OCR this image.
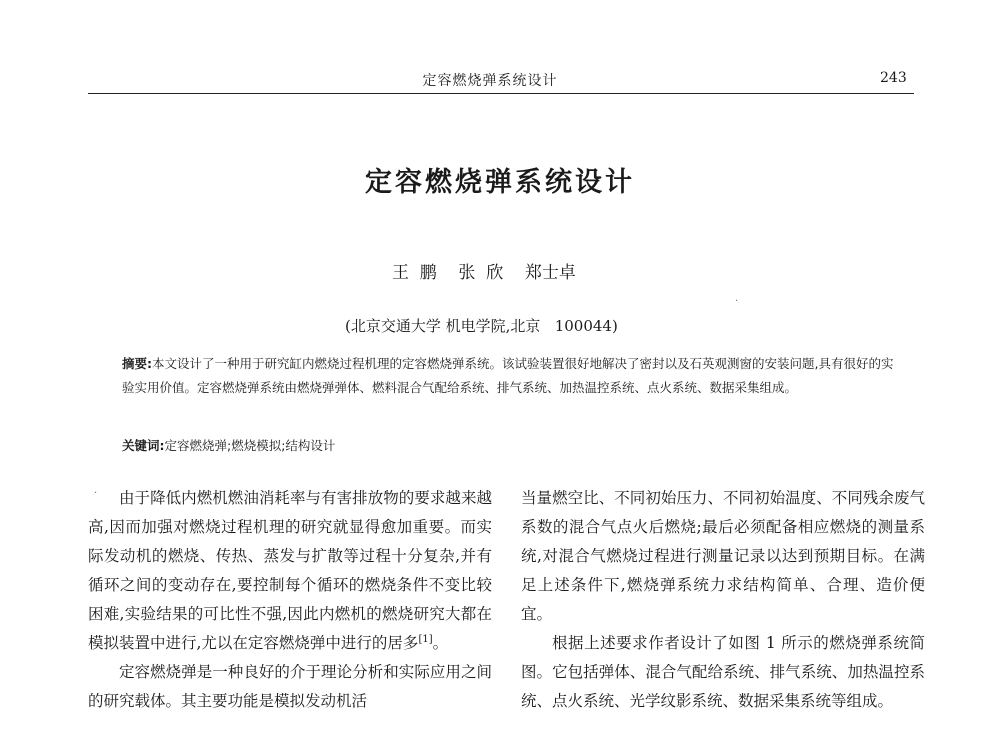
定容燃烧弹系统设计	243
定容燃烧弹系统设计
王  鹏    张  欣    郑士卓
(北京交通大学 机电学院,北京   100044)
摘要:本文设计了一种用于研究缸内燃烧过程机理的定容燃烧弹系统。该试验装置很好地解决了密封以及石英观测窗的安装问题,具有很好的实验实用价值。定容燃烧弹系统由燃烧弹弹体、燃料混合气配给系统、排气系统、加热温控系统、点火系统、数据采集组成。
关键词:定容燃烧弹;燃烧模拟;结构设计

由于降低内燃机燃油消耗率与有害排放物的要求越来越高,因而加强对燃烧过程机理的研究就显得愈加重要。而实际发动机的燃烧、传热、蒸发与扩散等过程十分复杂,并有循环之间的变动存在,要控制每个循环的燃烧条件不变比较困难,实验结果的可比性不强,因此内燃机的燃烧研究大都在模拟装置中进行,尤以在定容燃烧弹中进行的居多[1]。

定容燃烧弹是一种良好的介于理论分析和实际应用之间的研究载体。其主要功能是模拟发动机活

当量燃空比、不同初始压力、不同初始温度、不同残余废气系数的混合气点火后燃烧;最后必须配备相应燃烧的测量系统,对混合气燃烧过程进行测量记录以达到预期目标。在满足上述条件下,燃烧弹系统力求结构简单、合理、造价便宜。

根据上述要求作者设计了如图 1 所示的燃烧弹系统简图。它包括弹体、混合气配给系统、排气系统、加热温控系统、点火系统、光学纹影系统、数据采集系统等组成。

·
·
